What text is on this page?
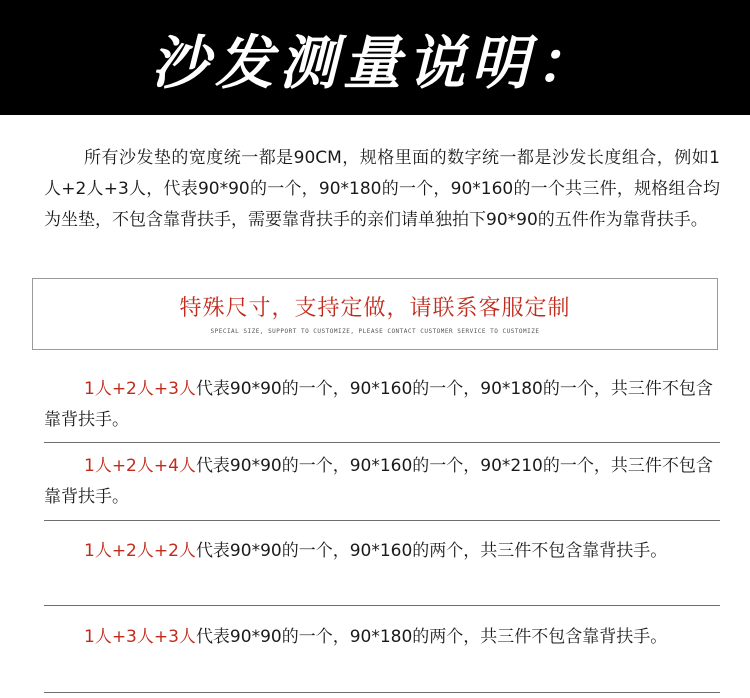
沙发测量说明：
所有沙发垫的宽度统一都是90CM，规格里面的数字统一都是沙发长度组合，例如1人+2人+3人，代表90*90的一个，90*180的一个，90*160的一个共三件，规格组合均为坐垫，不包含靠背扶手，需要靠背扶手的亲们请单独拍下90*90的五件作为靠背扶手。
特殊尺寸，支持定做，请联系客服定制
SPECIAL SIZE, SUPPORT TO CUSTOMIZE, PLEASE CONTACT CUSTOMER SERVICE TO CUSTOMIZE
1人+2人+3人代表90*90的一个，90*160的一个，90*180的一个，共三件不包含靠背扶手。
1人+2人+4人代表90*90的一个，90*160的一个，90*210的一个，共三件不包含靠背扶手。
1人+2人+2人代表90*90的一个，90*160的两个，共三件不包含靠背扶手。
1人+3人+3人代表90*90的一个，90*180的两个，共三件不包含靠背扶手。
